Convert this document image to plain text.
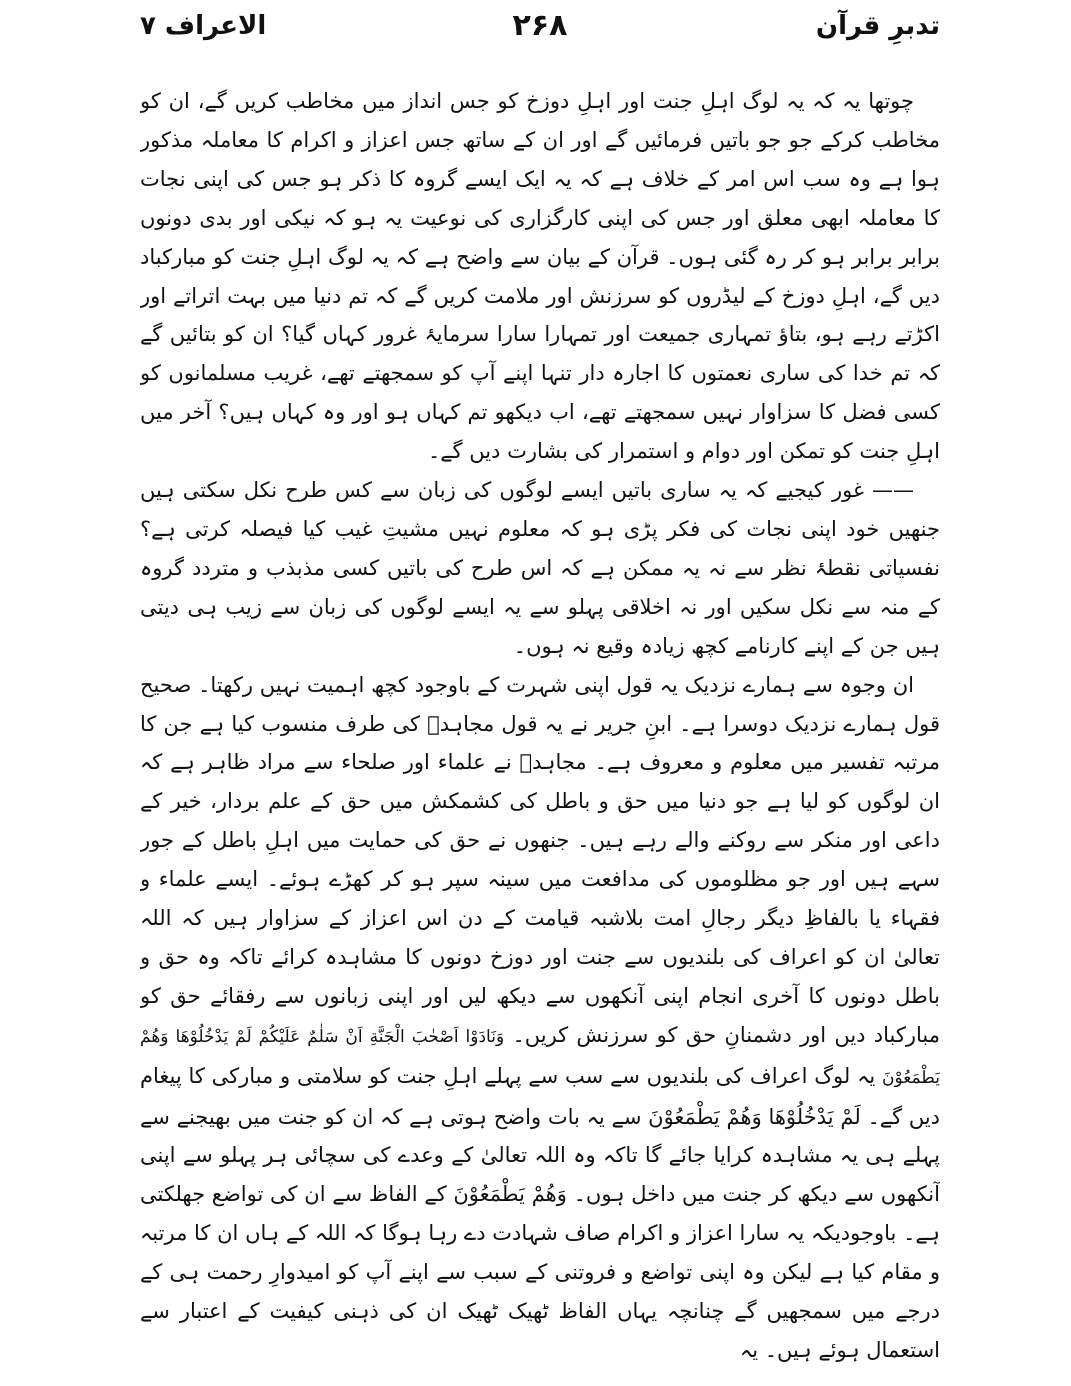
تدبرِ قرآن
۲۶۸
الاعراف ۷

چوتھا یہ کہ یہ لوگ اہلِ جنت اور اہلِ دوزخ کو جس انداز میں مخاطب کریں گے، ان کو مخاطب کرکے جو جو باتیں فرمائیں گے اور ان کے ساتھ جس اعزاز و اکرام کا معاملہ مذکور ہوا ہے وہ سب اس امر کے خلاف ہے کہ یہ ایک ایسے گروہ کا ذکر ہو جس کی اپنی نجات کا معاملہ ابھی معلق اور جس کی اپنی کارگزاری کی نوعیت یہ ہو کہ نیکی اور بدی دونوں برابر برابر ہو کر رہ گئی ہوں۔ قرآن کے بیان سے واضح ہے کہ یہ لوگ اہلِ جنت کو مبارکباد دیں گے، اہلِ دوزخ کے لیڈروں کو سرزنش اور ملامت کریں گے کہ تم دنیا میں بہت اتراتے اور اکڑتے رہے ہو، بتاؤ تمہاری جمیعت اور تمہارا سارا سرمایۂ غرور کہاں گیا؟ ان کو بتائیں گے کہ تم خدا کی ساری نعمتوں کا اجارہ دار تنہا اپنے آپ کو سمجھتے تھے، غریب مسلمانوں کو کسی فضل کا سزاوار نہیں سمجھتے تھے، اب دیکھو تم کہاں ہو اور وہ کہاں ہیں؟ آخر میں اہلِ جنت کو تمکن اور دوام و استمرار کی بشارت دیں گے۔

—— غور کیجیے کہ یہ ساری باتیں ایسے لوگوں کی زبان سے کس طرح نکل سکتی ہیں جنھیں خود اپنی نجات کی فکر پڑی ہو کہ معلوم نہیں مشیتِ غیب کیا فیصلہ کرتی ہے؟ نفسیاتی نقطۂ نظر سے نہ یہ ممکن ہے کہ اس طرح کی باتیں کسی مذبذب و متردد گروہ کے منہ سے نکل سکیں اور نہ اخلاقی پہلو سے یہ ایسے لوگوں کی زبان سے زیب ہی دیتی ہیں جن کے اپنے کارنامے کچھ زیادہ وقیع نہ ہوں۔

ان وجوہ سے ہمارے نزدیک یہ قول اپنی شہرت کے باوجود کچھ اہمیت نہیں رکھتا۔ صحیح قول ہمارے نزدیک دوسرا ہے۔ ابنِ جریر نے یہ قول مجاہدؒ کی طرف منسوب کیا ہے جن کا مرتبہ تفسیر میں معلوم و معروف ہے۔ مجاہدؒ نے علماء اور صلحاء سے مراد ظاہر ہے کہ ان لوگوں کو لیا ہے جو دنیا میں حق و باطل کی کشمکش میں حق کے علم بردار، خیر کے داعی اور منکر سے روکنے والے رہے ہیں۔ جنھوں نے حق کی حمایت میں اہلِ باطل کے جور سہے ہیں اور جو مظلوموں کی مدافعت میں سینہ سپر ہو کر کھڑے ہوئے۔ ایسے علماء و فقہاء یا بالفاظِ دیگر رجالِ امت بلاشبہ قیامت کے دن اس اعزاز کے سزاوار ہیں کہ اللہ تعالیٰ ان کو اعراف کی بلندیوں سے جنت اور دوزخ دونوں کا مشاہدہ کرائے تاکہ وہ حق و باطل دونوں کا آخری انجام اپنی آنکھوں سے دیکھ لیں اور اپنی زبانوں سے رفقائے حق کو مبارکباد دیں اور دشمنانِ حق کو سرزنش کریں۔ وَنَادَوْا اَصْحٰبَ الْجَنَّةِ اَنْ سَلٰمٌ عَلَيْكُمْ لَمْ يَدْخُلُوْهَا وَهُمْ يَطْمَعُوْنَ یہ لوگ اعراف کی بلندیوں سے سب سے پہلے اہلِ جنت کو سلامتی و مبارکی کا پیغام دیں گے۔ لَمْ يَدْخُلُوْهَا وَهُمْ يَطْمَعُوْنَ سے یہ بات واضح ہوتی ہے کہ ان کو جنت میں بھیجنے سے پہلے ہی یہ مشاہدہ کرایا جائے گا تاکہ وہ اللہ تعالیٰ کے وعدے کی سچائی ہر پہلو سے اپنی آنکھوں سے دیکھ کر جنت میں داخل ہوں۔ وَهُمْ يَطْمَعُوْنَ کے الفاظ سے ان کی تواضع جھلکتی ہے۔ باوجودیکہ یہ سارا اعزاز و اکرام صاف شہادت دے رہا ہوگا کہ اللہ کے ہاں ان کا مرتبہ و مقام کیا ہے لیکن وہ اپنی تواضع و فروتنی کے سبب سے اپنے آپ کو امیدوارِ رحمت ہی کے درجے میں سمجھیں گے چنانچہ یہاں الفاظ ٹھیک ٹھیک ان کی ذہنی کیفیت کے اعتبار سے استعمال ہوئے ہیں۔ یہ
